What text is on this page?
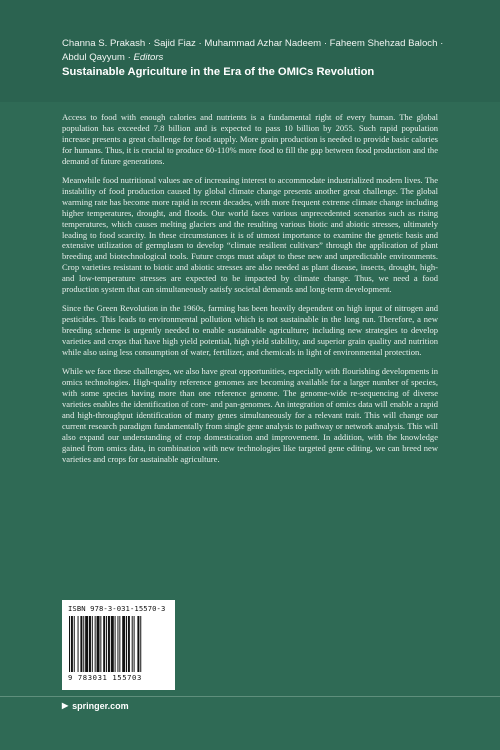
Channa S. Prakash · Sajid Fiaz · Muhammad Azhar Nadeem · Faheem Shehzad Baloch ·
Abdul Qayyum · Editors
Sustainable Agriculture in the Era of the OMICs Revolution

Access to food with enough calories and nutrients is a fundamental right of every human. The global population has exceeded 7.8 billion and is expected to pass 10 billion by 2055. Such rapid population increase presents a great challenge for food supply. More grain production is needed to provide basic calories for humans. Thus, it is crucial to produce 60-110% more food to fill the gap between food production and the demand of future generations.

Meanwhile food nutritional values are of increasing interest to accommodate industrialized modern lives. The instability of food production caused by global climate change presents another great challenge. The global warming rate has become more rapid in recent decades, with more frequent extreme climate change including higher temperatures, drought, and floods. Our world faces various unprecedented scenarios such as rising temperatures, which causes melting glaciers and the resulting various biotic and abiotic stresses, ultimately leading to food scarcity. In these circumstances it is of utmost importance to examine the genetic basis and extensive utilization of germplasm to develop “climate resilient cultivars” through the application of plant breeding and biotechnological tools. Future crops must adapt to these new and unpredictable environments. Crop varieties resistant to biotic and abiotic stresses are also needed as plant disease, insects, drought, high- and low-temperature stresses are expected to be impacted by climate change. Thus, we need a food production system that can simultaneously satisfy societal demands and long-term development.

Since the Green Revolution in the 1960s, farming has been heavily dependent on high input of nitrogen and pesticides. This leads to environmental pollution which is not sustainable in the long run. Therefore, a new breeding scheme is urgently needed to enable sustainable agriculture; including new strategies to develop varieties and crops that have high yield potential, high yield stability, and superior grain quality and nutrition while also using less consumption of water, fertilizer, and chemicals in light of environmental protection.

While we face these challenges, we also have great opportunities, especially with flourishing developments in omics technologies. High-quality reference genomes are becoming available for a larger number of species, with some species having more than one reference genome. The genome-wide re-sequencing of diverse varieties enables the identification of core- and pan-genomes. An integration of omics data will enable a rapid and high-throughput identification of many genes simultaneously for a relevant trait. This will change our current research paradigm fundamentally from single gene analysis to pathway or network analysis. This will also expand our understanding of crop domestication and improvement. In addition, with the knowledge gained from omics data, in combination with new technologies like targeted gene editing, we can breed new varieties and crops for sustainable agriculture.

ISBN 978-3-031-15570-3
9 783031 155703
▶ springer.com
